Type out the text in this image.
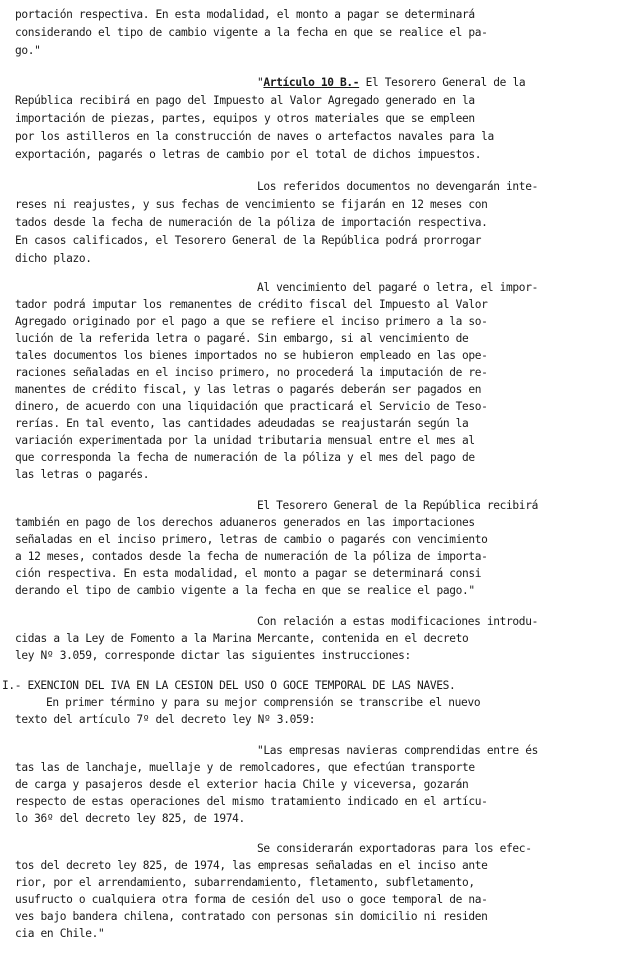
portación respectiva. En esta modalidad, el monto a pagar se determinará
considerando el tipo de cambio vigente a la fecha en que se realice el pa-
go."
"Artículo 10 B.- El Tesorero General de la
República recibirá en pago del Impuesto al Valor Agregado generado en la
importación de piezas, partes, equipos y otros materiales que se empleen
por los astilleros en la construcción de naves o artefactos navales para la
exportación, pagarés o letras de cambio por el total de dichos impuestos.
Los referidos documentos no devengarán inte-
reses ni reajustes, y sus fechas de vencimiento se fijarán en 12 meses con
tados desde la fecha de numeración de la póliza de importación respectiva.
En casos calificados, el Tesorero General de la República podrá prorrogar
dicho plazo.
Al vencimiento del pagaré o letra, el impor-
tador podrá imputar los remanentes de crédito fiscal del Impuesto al Valor
Agregado originado por el pago a que se refiere el inciso primero a la so-
lución de la referida letra o pagaré. Sin embargo, si al vencimiento de
tales documentos los bienes importados no se hubieron empleado en las ope-
raciones señaladas en el inciso primero, no procederá la imputación de re-
manentes de crédito fiscal, y las letras o pagarés deberán ser pagados en
dinero, de acuerdo con una liquidación que practicará el Servicio de Teso-
rerías. En tal evento, las cantidades adeudadas se reajustarán según la
variación experimentada por la unidad tributaria mensual entre el mes al
que corresponda la fecha de numeración de la póliza y el mes del pago de
las letras o pagarés.
El Tesorero General de la República recibirá
también en pago de los derechos aduaneros generados en las importaciones
señaladas en el inciso primero, letras de cambio o pagarés con vencimiento
a 12 meses, contados desde la fecha de numeración de la póliza de importa-
ción respectiva. En esta modalidad, el monto a pagar se determinará consi
derando el tipo de cambio vigente a la fecha en que se realice el pago."
Con relación a estas modificaciones introdu-
cidas a la Ley de Fomento a la Marina Mercante, contenida en el decreto
ley Nº 3.059, corresponde dictar las siguientes instrucciones:
I.- EXENCION DEL IVA EN LA CESION DEL USO O GOCE TEMPORAL DE LAS NAVES.
En primer término y para su mejor comprensión se transcribe el nuevo
texto del artículo 7º del decreto ley Nº 3.059:
"Las empresas navieras comprendidas entre és
tas las de lanchaje, muellaje y de remolcadores, que efectúan transporte
de carga y pasajeros desde el exterior hacia Chile y viceversa, gozarán
respecto de estas operaciones del mismo tratamiento indicado en el artícu-
lo 36º del decreto ley 825, de 1974.
Se considerarán exportadoras para los efec-
tos del decreto ley 825, de 1974, las empresas señaladas en el inciso ante
rior, por el arrendamiento, subarrendamiento, fletamento, subfletamento,
usufructo o cualquiera otra forma de cesión del uso o goce temporal de na-
ves bajo bandera chilena, contratado con personas sin domicilio ni residen
cia en Chile."
